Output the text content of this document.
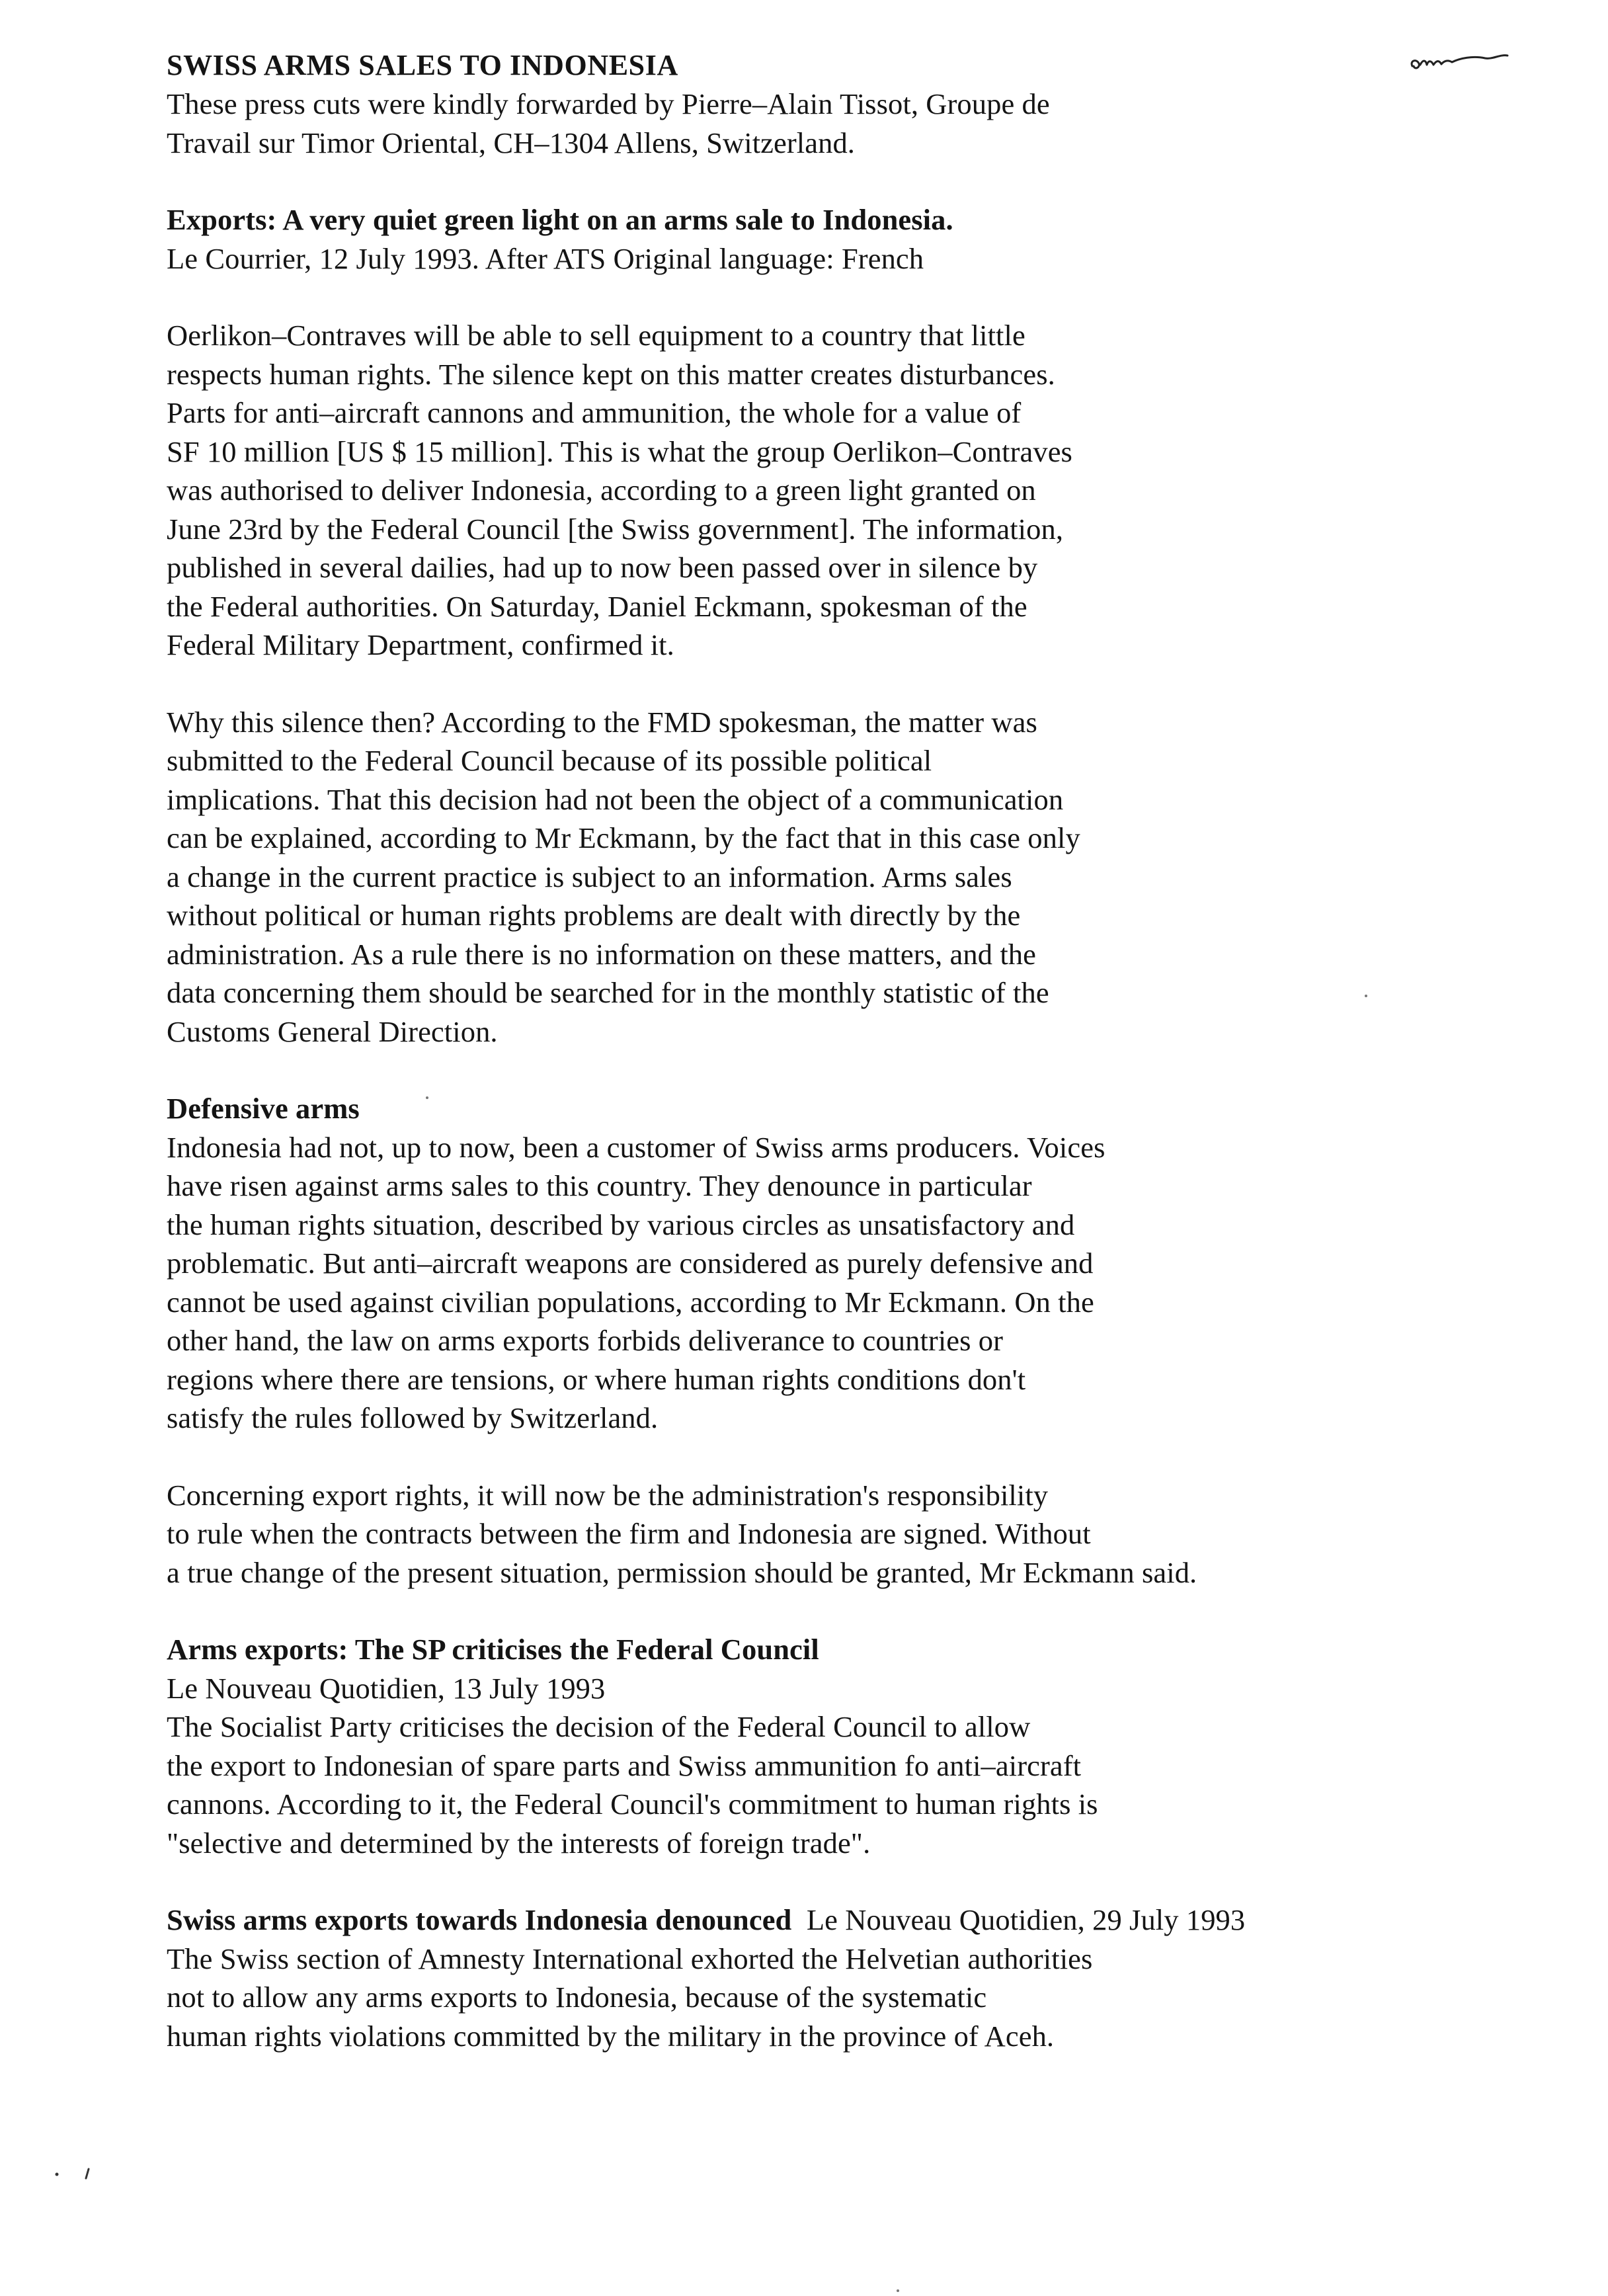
SWISS ARMS SALES TO INDONESIA
These press cuts were kindly forwarded by Pierre–Alain Tissot, Groupe de
Travail sur Timor Oriental, CH–1304 Allens, Switzerland.
Exports: A very quiet green light on an arms sale to Indonesia.
Le Courrier, 12 July 1993. After ATS Original language: French
Oerlikon–Contraves will be able to sell equipment to a country that little
respects human rights. The silence kept on this matter creates disturbances.
Parts for anti–aircraft cannons and ammunition, the whole for a value of
SF 10 million [US $ 15 million]. This is what the group Oerlikon–Contraves
was authorised to deliver Indonesia, according to a green light granted on
June 23rd by the Federal Council [the Swiss government]. The information,
published in several dailies, had up to now been passed over in silence by
the Federal authorities. On Saturday, Daniel Eckmann, spokesman of the
Federal Military Department, confirmed it.
Why this silence then? According to the FMD spokesman, the matter was
submitted to the Federal Council because of its possible political
implications. That this decision had not been the object of a communication
can be explained, according to Mr Eckmann, by the fact that in this case only
a change in the current practice is subject to an information. Arms sales
without political or human rights problems are dealt with directly by the
administration. As a rule there is no information on these matters, and the
data concerning them should be searched for in the monthly statistic of the
Customs General Direction.
Defensive arms
Indonesia had not, up to now, been a customer of Swiss arms producers. Voices
have risen against arms sales to this country. They denounce in particular
the human rights situation, described by various circles as unsatisfactory and
problematic. But anti–aircraft weapons are considered as purely defensive and
cannot be used against civilian populations, according to Mr Eckmann. On the
other hand, the law on arms exports forbids deliverance to countries or
regions where there are tensions, or where human rights conditions don't
satisfy the rules followed by Switzerland.
Concerning export rights, it will now be the administration's responsibility
to rule when the contracts between the firm and Indonesia are signed. Without
a true change of the present situation, permission should be granted, Mr Eckmann said.
Arms exports: The SP criticises the Federal Council
Le Nouveau Quotidien, 13 July 1993
The Socialist Party criticises the decision of the Federal Council to allow
the export to Indonesian of spare parts and Swiss ammunition fo anti–aircraft
cannons. According to it, the Federal Council's commitment to human rights is
"selective and determined by the interests of foreign trade".
Swiss arms exports towards Indonesia denounced Le Nouveau Quotidien, 29 July 1993
The Swiss section of Amnesty International exhorted the Helvetian authorities
not to allow any arms exports to Indonesia, because of the systematic
human rights violations committed by the military in the province of Aceh.
